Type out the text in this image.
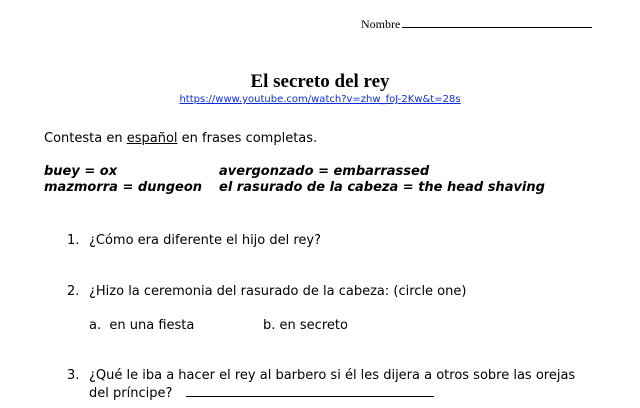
Nombre
El secreto del rey
https://www.youtube.com/watch?v=zhw_foJ-2Kw&t=28s
Contesta en español en frases completas.
buey = ox
mazmorra = dungeon
avergonzado = embarrassed
el rasurado de la cabeza = the head shaving
1. ¿Cómo era diferente el hijo del rey?
2. ¿Hizo la ceremonia del rasurado de la cabeza: (circle one)
a. en una fiesta	b. en secreto
3. ¿Qué le iba a hacer el rey al barbero si él les dijera a otros sobre las orejas
del príncipe?
